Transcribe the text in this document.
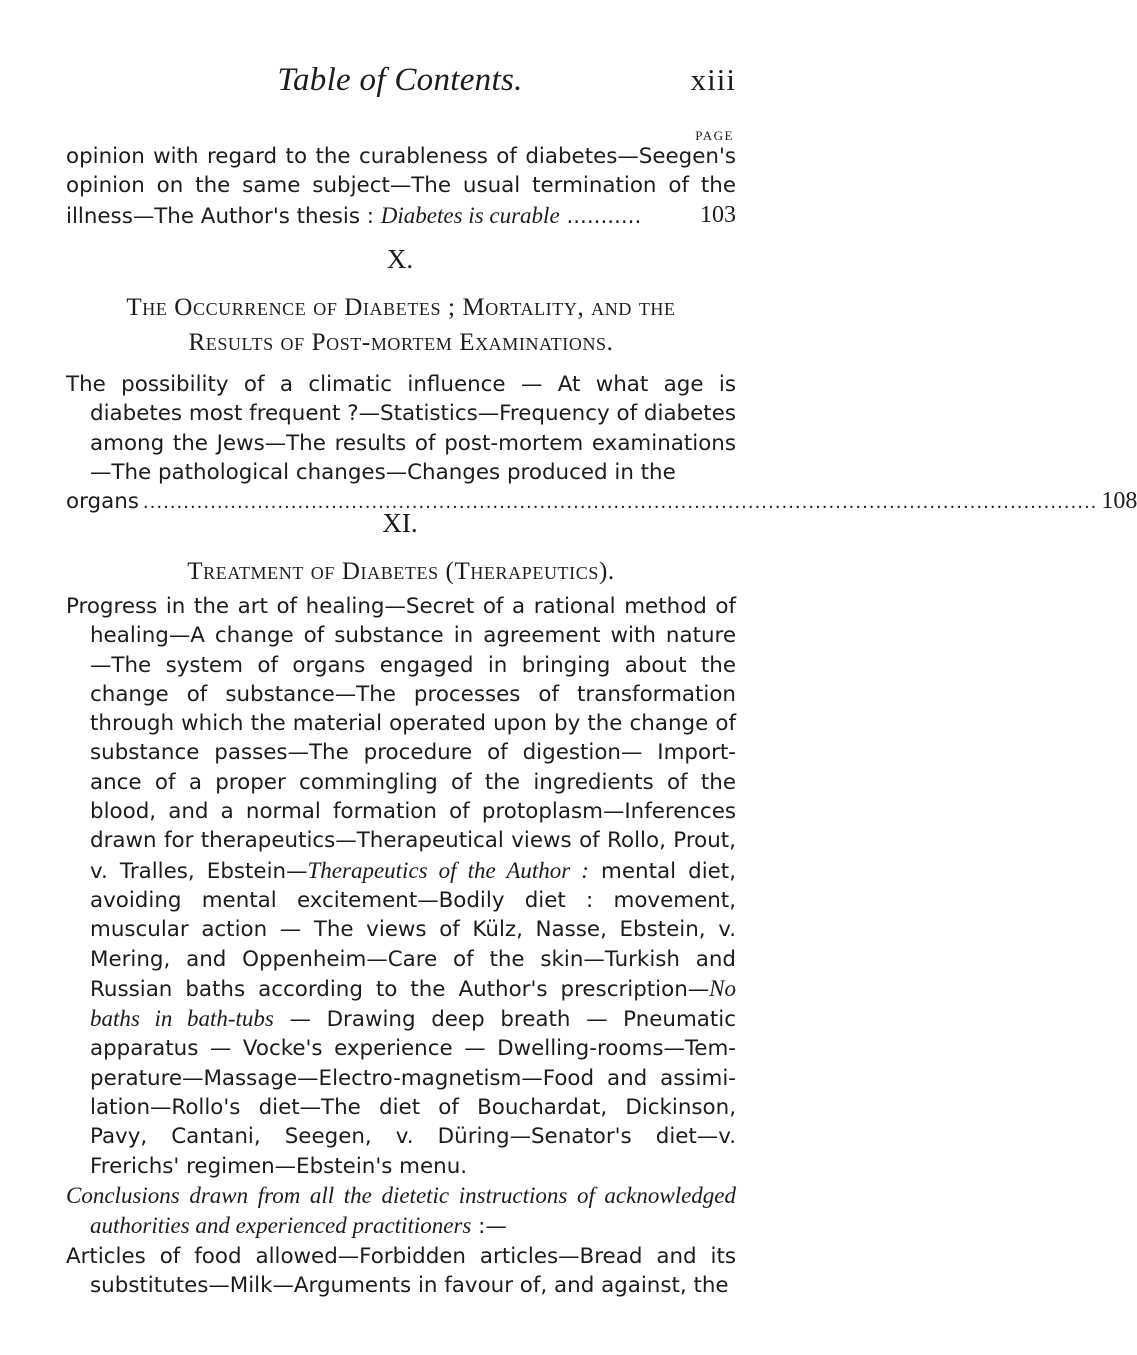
Table of Contents.	xiii
PAGE
opinion with regard to the curableness of diabetes—Seegen's opinion on the same subject—The usual termination of the illness—The Author's thesis : Diabetes is curable ........... 103
X.
The Occurrence of Diabetes ; Mortality, and the
Results of Post-mortem Examinations.
The possibility of a climatic influence — At what age is diabetes most frequent ?—Statistics—Frequency of diabetes among the Jews—The results of post-mortem examinations —The pathological changes—Changes produced in the
organs .............................................................................................................................................. 108
XI.
Treatment of Diabetes (Therapeutics).
Progress in the art of healing—Secret of a rational method of healing—A change of substance in agreement with nature —The system of organs engaged in bringing about the change of substance—The processes of transformation through which the material operated upon by the change of substance passes—The procedure of digestion— Import- ance of a proper commingling of the ingredients of the blood, and a normal formation of protoplasm—Inferences drawn for therapeutics—Therapeutical views of Rollo, Prout, v. Tralles, Ebstein—Therapeutics of the Author : mental diet, avoiding mental excitement—Bodily diet : movement, muscular action — The views of Külz, Nasse, Ebstein, v. Mering, and Oppenheim—Care of the skin—Turkish and Russian baths according to the Author's prescription—No baths in bath-tubs — Drawing deep breath — Pneumatic apparatus — Vocke's experience — Dwelling-rooms—Tem- perature—Massage—Electro-magnetism—Food and assimi- lation—Rollo's diet—The diet of Bouchardat, Dickinson, Pavy, Cantani, Seegen, v. Düring—Senator's diet—v. Frerichs' regimen—Ebstein's menu.
Conclusions drawn from all the dietetic instructions of acknowledged authorities and experienced practitioners :—
Articles of food allowed—Forbidden articles—Bread and its substitutes—Milk—Arguments in favour of, and against, the
